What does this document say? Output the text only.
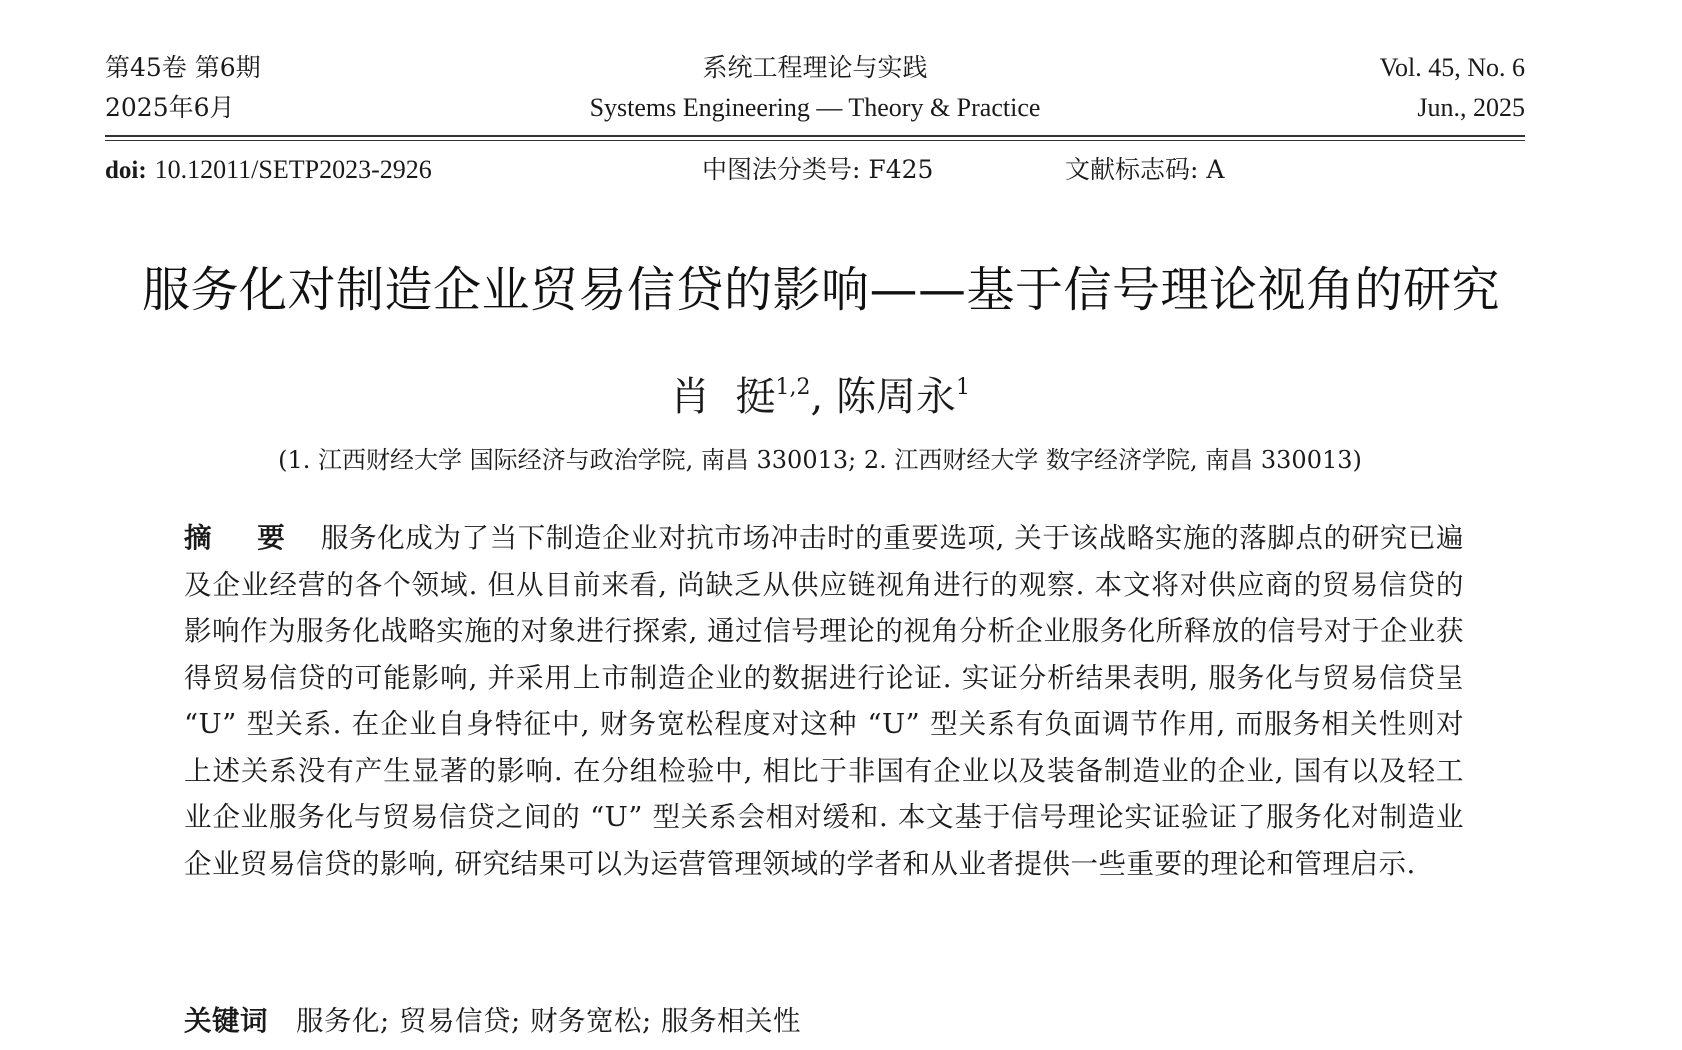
第45卷 第6期	系统工程理论与实践	Vol. 45, No. 6
2025年6月	Systems Engineering — Theory & Practice	Jun., 2025
doi: 10.12011/SETP2023-2926	中图法分类号: F425	文献标志码: A
服务化对制造企业贸易信贷的影响——基于信号理论视角的研究
肖  挺$^{1,2}$, 陈周永$^1$
(1. 江西财经大学 国际经济与政治学院, 南昌 330013; 2. 江西财经大学 数字经济学院, 南昌 330013)
摘 要 服务化成为了当下制造企业对抗市场冲击时的重要选项, 关于该战略实施的落脚点的研究已遍及企业经营的各个领域. 但从目前来看, 尚缺乏从供应链视角进行的观察. 本文将对供应商的贸易信贷的影响作为服务化战略实施的对象进行探索, 通过信号理论的视角分析企业服务化所释放的信号对于企业获得贸易信贷的可能影响, 并采用上市制造企业的数据进行论证. 实证分析结果表明, 服务化与贸易信贷呈 “U” 型关系. 在企业自身特征中, 财务宽松程度对这种 “U” 型关系有负面调节作用, 而服务相关性则对上述关系没有产生显著的影响. 在分组检验中, 相比于非国有企业以及装备制造业的企业, 国有以及轻工业企业服务化与贸易信贷之间的 “U” 型关系会相对缓和. 本文基于信号理论实证验证了服务化对制造业企业贸易信贷的影响, 研究结果可以为运营管理领域的学者和从业者提供一些重要的理论和管理启示.
关键词 服务化; 贸易信贷; 财务宽松; 服务相关性
